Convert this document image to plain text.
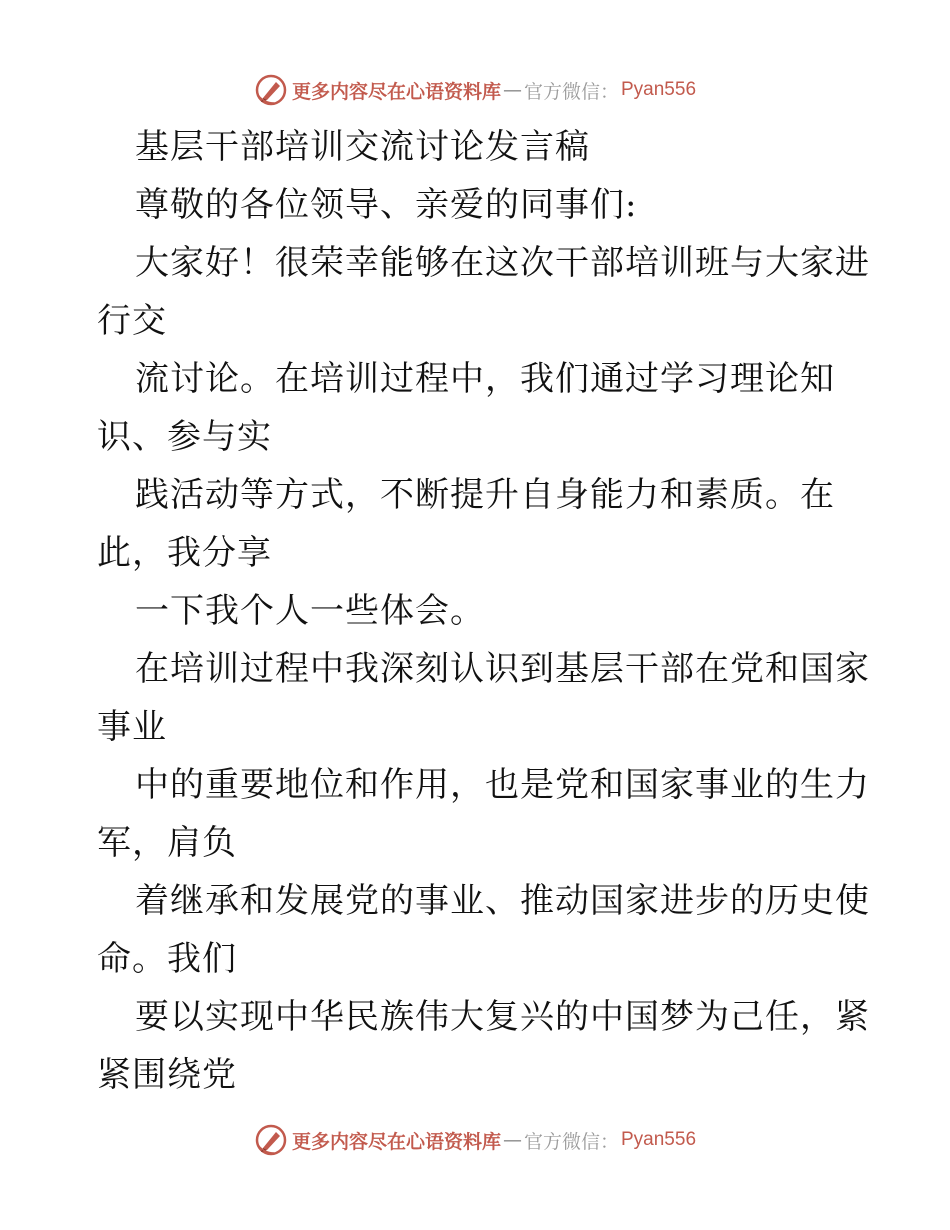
更多内容尽在心语资料库 — 官方微信： Pyan556
基层干部培训交流讨论发言稿
尊敬的各位领导、亲爱的同事们:
大家好！很荣幸能够在这次干部培训班与大家进
行交
流讨论。在培训过程中，我们通过学习理论知
识、参与实
践活动等方式，不断提升自身能力和素质。在
此，我分享
一下我个人一些体会。
在培训过程中我深刻认识到基层干部在党和国家
事业
中的重要地位和作用，也是党和国家事业的生力
军，肩负
着继承和发展党的事业、推动国家进步的历史使
命。我们
要以实现中华民族伟大复兴的中国梦为己任，紧
紧围绕党
更多内容尽在心语资料库 — 官方微信： Pyan556
